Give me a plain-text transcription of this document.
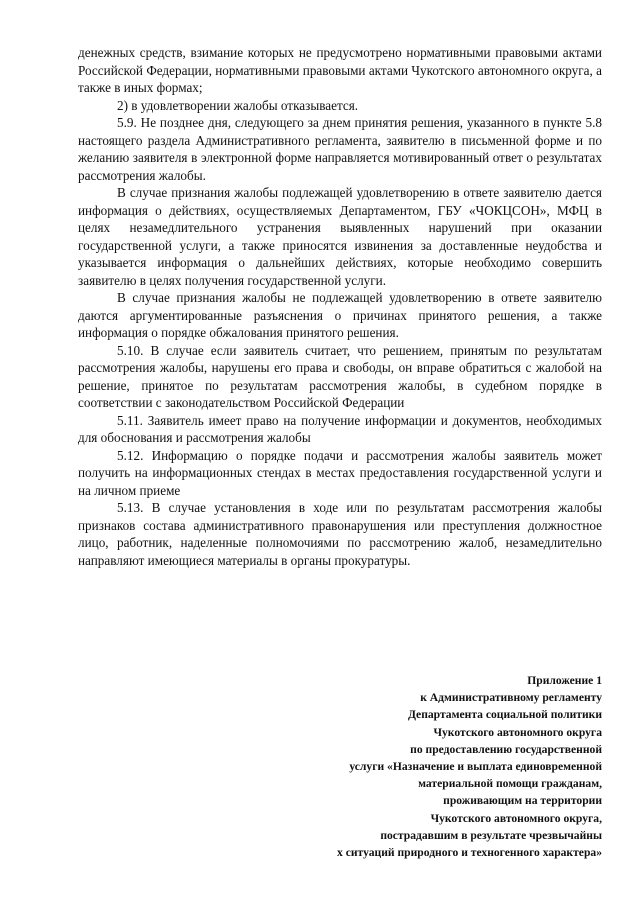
денежных средств, взимание которых не предусмотрено нормативными правовыми актами Российской Федерации, нормативными правовыми актами Чукотского автономного округа, а также в иных формах;

2) в удовлетворении жалобы отказывается.

5.9. Не позднее дня, следующего за днем принятия решения, указанного в пункте 5.8 настоящего раздела Административного регламента, заявителю в письменной форме и по желанию заявителя в электронной форме направляется мотивированный ответ о результатах рассмотрения жалобы.

В случае признания жалобы подлежащей удовлетворению в ответе заявителю дается информация о действиях, осуществляемых Департаментом, ГБУ «ЧОКЦСОН», МФЦ в целях незамедлительного устранения выявленных нарушений при оказании государственной услуги, а также приносятся извинения за доставленные неудобства и указывается информация о дальнейших действиях, которые необходимо совершить заявителю в целях получения государственной услуги.

В случае признания жалобы не подлежащей удовлетворению в ответе заявителю даются аргументированные разъяснения о причинах принятого решения, а также информация о порядке обжалования принятого решения.

5.10. В случае если заявитель считает, что решением, принятым по результатам рассмотрения жалобы, нарушены его права и свободы, он вправе обратиться с жалобой на решение, принятое по результатам рассмотрения жалобы, в судебном порядке в соответствии с законодательством Российской Федерации

5.11. Заявитель имеет право на получение информации и документов, необходимых для обоснования и рассмотрения жалобы

5.12. Информацию о порядке подачи и рассмотрения жалобы заявитель может получить на информационных стендах в местах предоставления государственной услуги и на личном приеме

5.13. В случае установления в ходе или по результатам рассмотрения жалобы признаков состава административного правонарушения или преступления должностное лицо, работник, наделенные полномочиями по рассмотрению жалоб, незамедлительно направляют имеющиеся материалы в органы прокуратуры.

Приложение 1
к Административному регламенту
Департамента социальной политики
Чукотского автономного округа
по предоставлению государственной
услуги «Назначение и выплата единовременной
материальной помощи гражданам,
проживающим на территории
Чукотского автономного округа,
пострадавшим в результате чрезвычайны
х ситуаций природного и техногенного характера»
